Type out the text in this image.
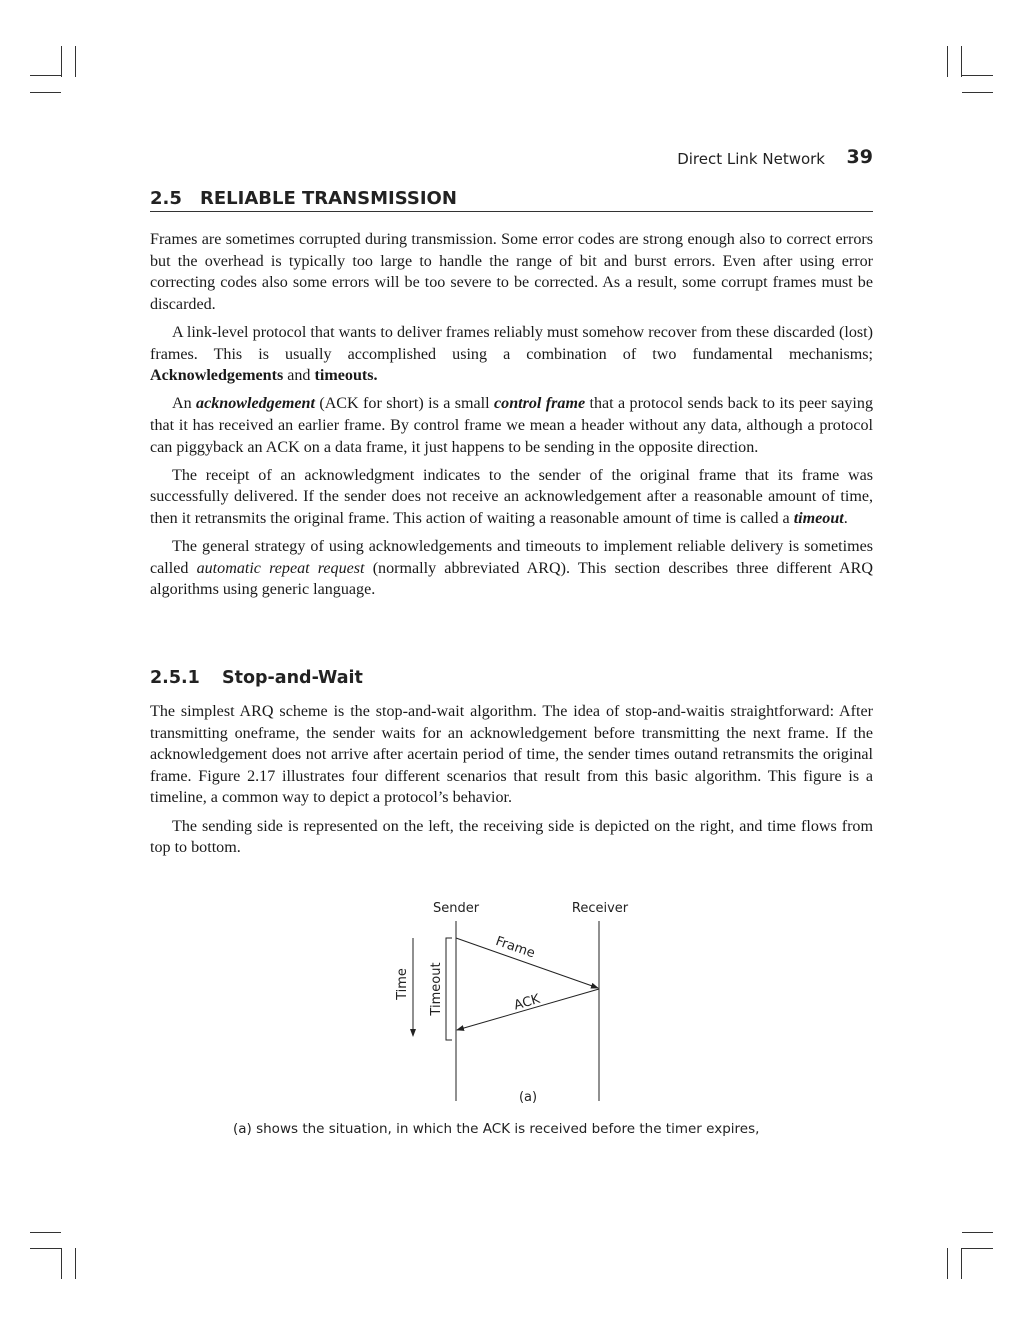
Direct Link Network 39
2.5 RELIABLE TRANSMISSION

Frames are sometimes corrupted during transmission. Some error codes are strong enough also to correct errors but the overhead is typically too large to handle the range of bit and burst errors. Even after using error correcting codes also some errors will be too severe to be corrected. As a result, some corrupt frames must be discarded.

A link-level protocol that wants to deliver frames reliably must somehow recover from these discarded (lost) frames. This is usually accomplished using a combination of two fundamental mechanisms; Acknowledgements and timeouts.

An acknowledgement (ACK for short) is a small control frame that a protocol sends back to its peer saying that it has received an earlier frame. By control frame we mean a header without any data, although a protocol can piggyback an ACK on a data frame, it just happens to be sending in the opposite direction.

The receipt of an acknowledgment indicates to the sender of the original frame that its frame was successfully delivered. If the sender does not receive an acknowledgement after a reasonable amount of time, then it retransmits the original frame. This action of waiting a reasonable amount of time is called a timeout.

The general strategy of using acknowledgements and timeouts to implement reliable delivery is sometimes called automatic repeat request (normally abbreviated ARQ). This section describes three different ARQ algorithms using generic language.

2.5.1 Stop-and-Wait

The simplest ARQ scheme is the stop-and-wait algorithm. The idea of stop-and-waitis straightforward: After transmitting oneframe, the sender waits for an acknowledgement before transmitting the next frame. If the acknowledgement does not arrive after acertain period of time, the sender times outand retransmits the original frame. Figure 2.17 illustrates four different scenarios that result from this basic algorithm. This figure is a timeline, a common way to depict a protocol’s behavior.

The sending side is represented on the left, the receiving side is depicted on the right, and time flows from top to bottom.

Sender	Receiver
Frame
ACK
Timeout
Time
(a)
(a) shows the situation, in which the ACK is received before the timer expires,
